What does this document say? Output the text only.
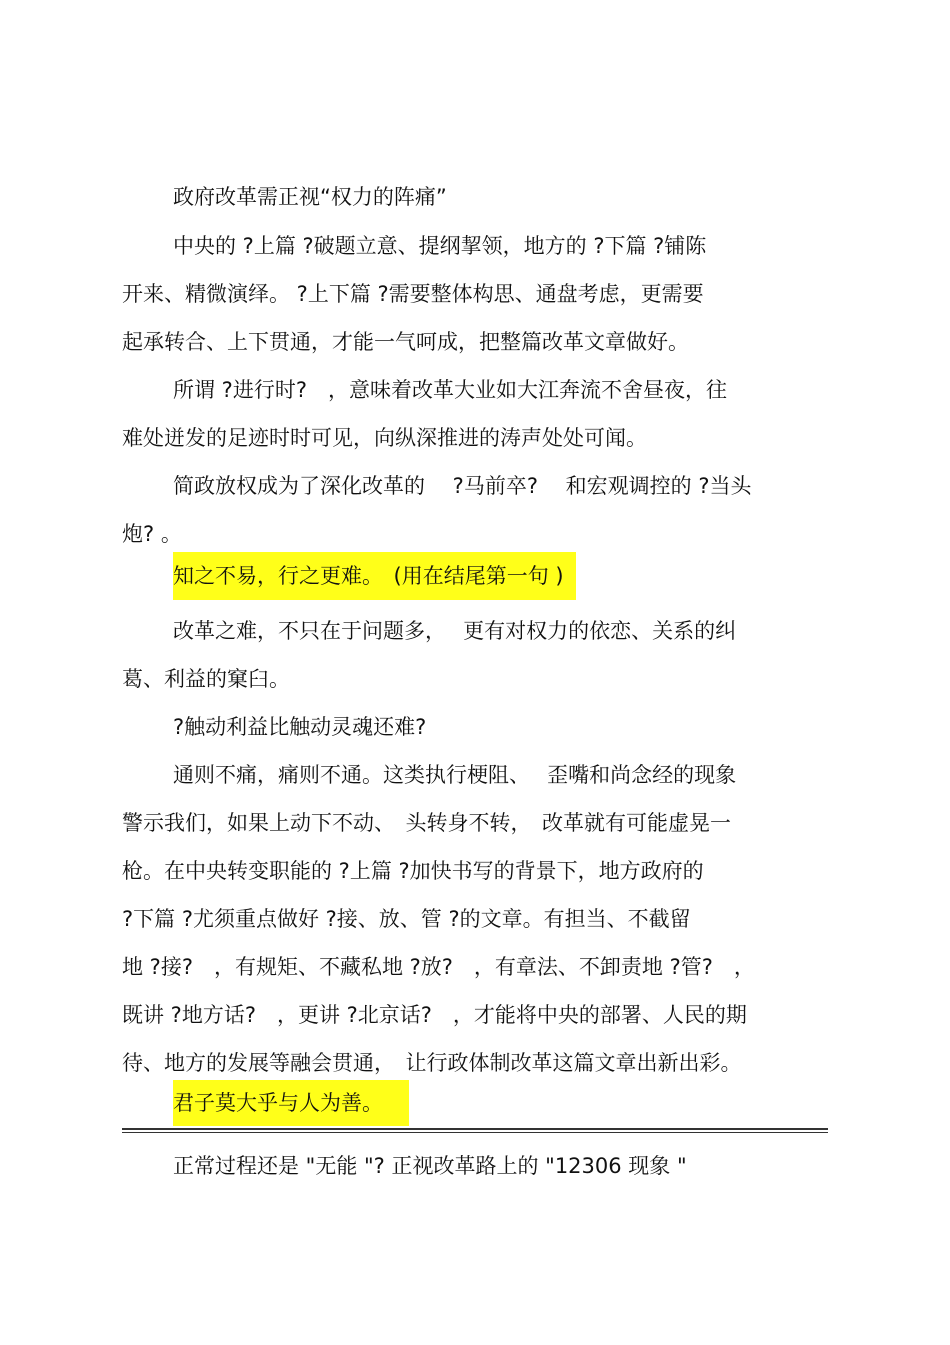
政府改革需正视“权力的阵痛”
中央的 ?上篇 ?破题立意、提纲挈领，地方的 ?下篇 ?铺陈
开来、精微演绎。 ?上下篇 ?需要整体构思、通盘考虑，更需要
起承转合、上下贯通，才能一气呵成，把整篇改革文章做好。
所谓 ?进行时?　，意味着改革大业如大江奔流不舍昼夜，往
难处迸发的足迹时时可见，向纵深推进的涛声处处可闻。
简政放权成为了深化改革的　 ?马前卒?　 和宏观调控的 ?当头
炮? 。
知之不易，行之更难。　(用在结尾第一句 )
改革之难，不只在于问题多，　 更有对权力的依恋、关系的纠
葛、利益的窠臼。
?触动利益比触动灵魂还难?
通则不痛，痛则不通。这类执行梗阻、　 歪嘴和尚念经的现象
警示我们，如果上动下不动、　头转身不转，　改革就有可能虚晃一
枪。在中央转变职能的 ?上篇 ?加快书写的背景下，地方政府的
?下篇 ?尤须重点做好 ?接、放、管 ?的文章。有担当、不截留
地 ?接?　，有规矩、不藏私地 ?放?　，有章法、不卸责地 ?管?　，
既讲 ?地方话?　，更讲 ?北京话?　，才能将中央的部署、人民的期
待、地方的发展等融会贯通，　让行政体制改革这篇文章出新出彩。
君子莫大乎与人为善。
正常过程还是 "无能 "? 正视改革路上的 "12306 现象 "
